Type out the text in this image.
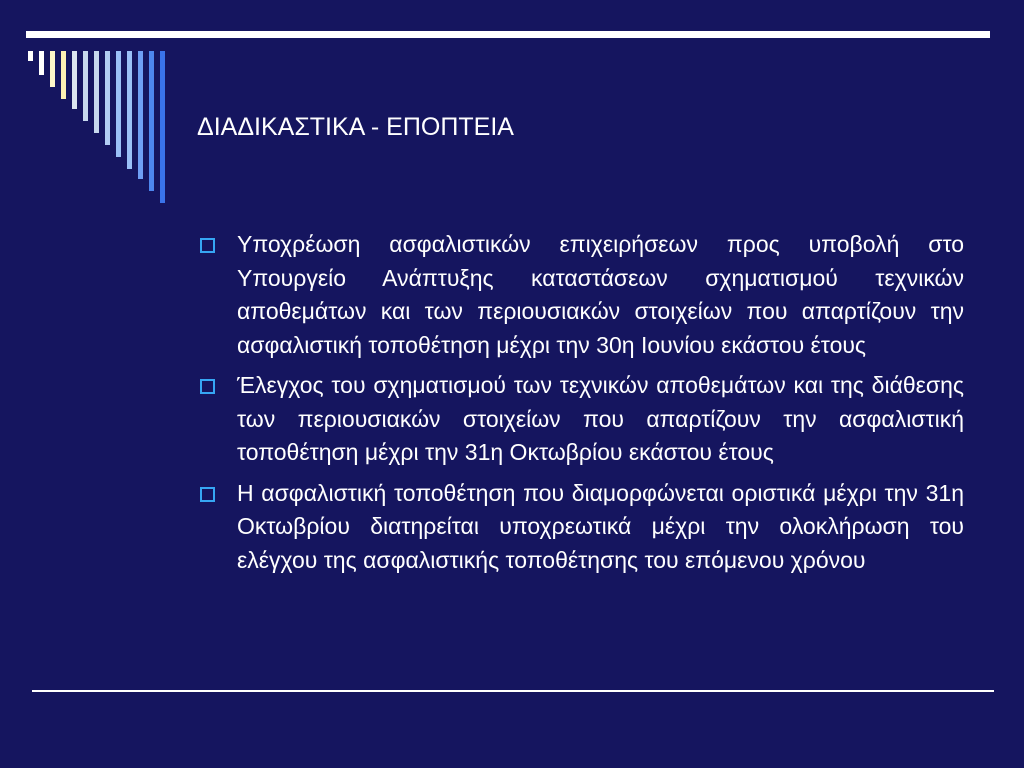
ΔΙΑΔΙΚΑΣΤΙΚΑ - ΕΠΟΠΤΕΙΑ
Υποχρέωση ασφαλιστικών επιχειρήσεων προς υποβολή στο Υπουργείο Ανάπτυξης καταστάσεων σχηματισμού τεχνικών αποθεμάτων και των περιουσιακών στοιχείων που απαρτίζουν την ασφαλιστική τοποθέτηση μέχρι την 30η Ιουνίου εκάστου έτους
Έλεγχος του σχηματισμού των τεχνικών αποθεμάτων και της διάθεσης των περιουσιακών στοιχείων που απαρτίζουν την ασφαλιστική τοποθέτηση μέχρι την 31η Οκτωβρίου εκάστου έτους
Η ασφαλιστική τοποθέτηση που διαμορφώνεται οριστικά μέχρι την 31η Οκτωβρίου διατηρείται υποχρεωτικά μέχρι την ολοκλήρωση του ελέγχου της ασφαλιστικής τοποθέτησης του επόμενου χρόνου
